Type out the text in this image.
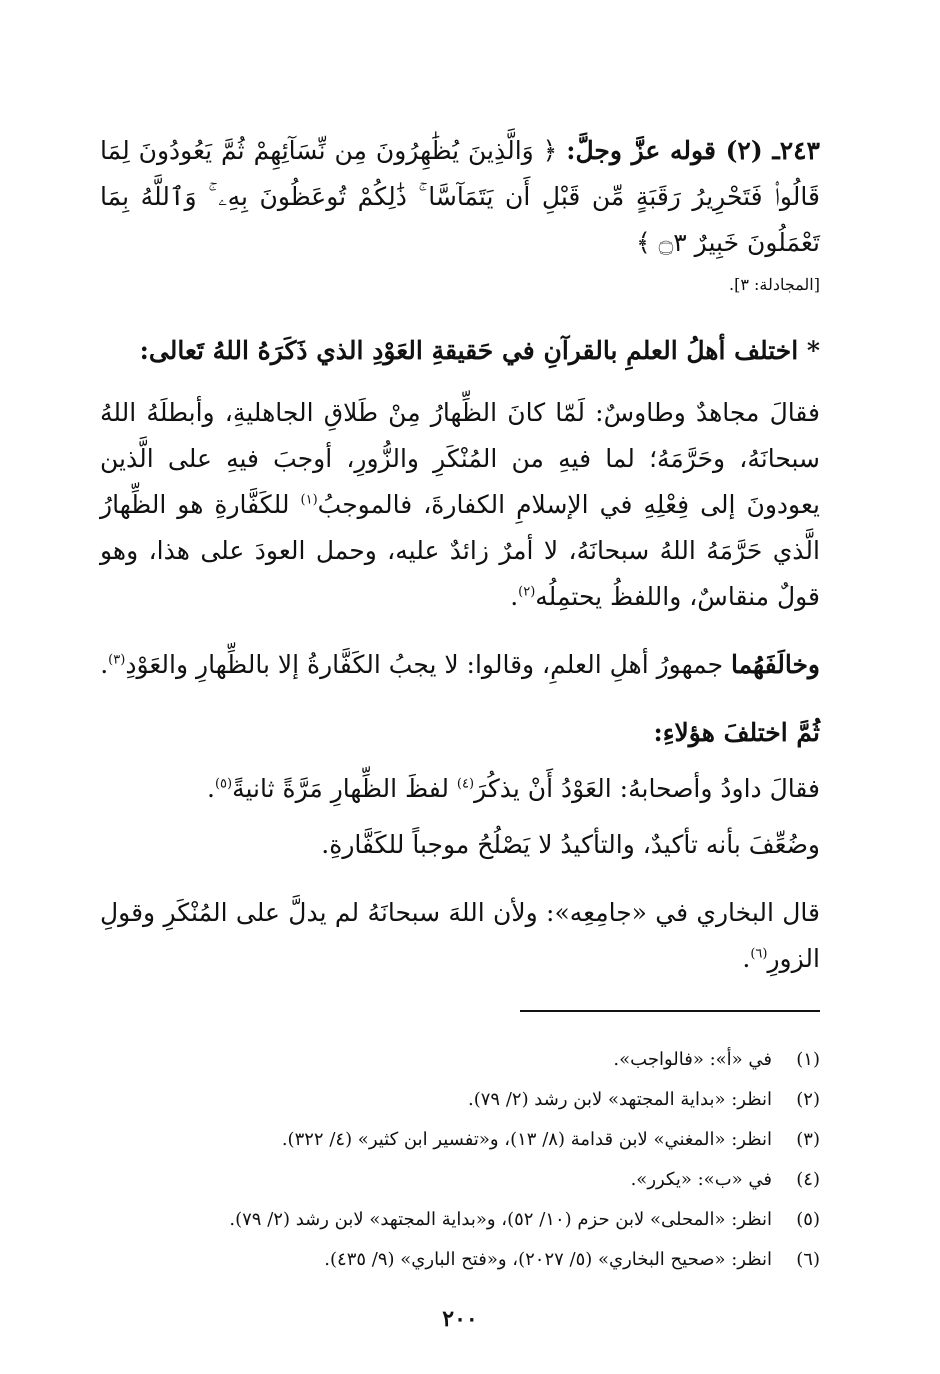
٢٤٣ـ (٢) قوله عزَّ وجلَّ: ﴿ وَالَّذِينَ يُظَٰهِرُونَ مِن نِّسَآئِهِمْ ثُمَّ يَعُودُونَ لِمَا قَالُوا۟ فَتَحْرِيرُ رَقَبَةٍ مِّن قَبْلِ أَن يَتَمَآسَّا ۚ ذَٰلِكُمْ تُوعَظُونَ بِهِۦ ۚ وَٱللَّهُ بِمَا تَعْمَلُونَ خَبِيرٌ ۝٣ ﴾

[المجادلة: ٣].

* اختلف أهلُ العلمِ بالقرآنِ في حَقيقةِ العَوْدِ الذي ذَكَرَهُ اللهُ تَعالى:

فقالَ مجاهدٌ وطاوسٌ: لَمّا كانَ الظِّهارُ مِنْ طَلاقِ الجاهليةِ، وأبطلَهُ اللهُ سبحانَهُ، وحَرَّمَهُ؛ لما فيهِ من المُنْكَرِ والزُّورِ، أوجبَ فيهِ على الَّذين يعودونَ إلى فِعْلِهِ في الإسلامِ الكفارةَ، فالموجبُ$^{(١)}$ للكَفَّارةِ هو الظِّهارُ الَّذي حَرَّمَهُ اللهُ سبحانَهُ، لا أمرٌ زائدٌ عليه، وحمل العودَ على هذا، وهو قولٌ منقاسٌ، واللفظُ يحتمِلُه$^{(٢)}$.

وخالَفَهُما جمهورُ أهلِ العلمِ، وقالوا: لا يجبُ الكَفَّارةُ إلا بالظِّهارِ والعَوْدِ$^{(٣)}$.

ثُمَّ اختلفَ هؤلاءِ:

فقالَ داودُ وأصحابهُ: العَوْدُ أَنْ يذكُرَ$^{(٤)}$ لفظَ الظِّهارِ مَرَّةً ثانيةً$^{(٥)}$.

وضُعِّفَ بأنه تأكيدٌ، والتأكيدُ لا يَصْلُحُ موجباً للكَفَّارةِ.

قال البخاري في «جامِعِه»: ولأن اللهَ سبحانَهُ لم يدلَّ على المُنْكَرِ وقولِ الزورِ$^{(٦)}$.

(١)في «أ»: «فالواجب».
(٢)انظر: «بداية المجتهد» لابن رشد (٢/ ٧٩).
(٣)انظر: «المغني» لابن قدامة (٨/ ١٣)، و«تفسير ابن كثير» (٤/ ٣٢٢).
(٤)في «ب»: «يكرر».
(٥)انظر: «المحلى» لابن حزم (١٠/ ٥٢)، و«بداية المجتهد» لابن رشد (٢/ ٧٩).
(٦)انظر: «صحيح البخاري» (٥/ ٢٠٢٧)، و«فتح الباري» (٩/ ٤٣٥).
٢٠٠
